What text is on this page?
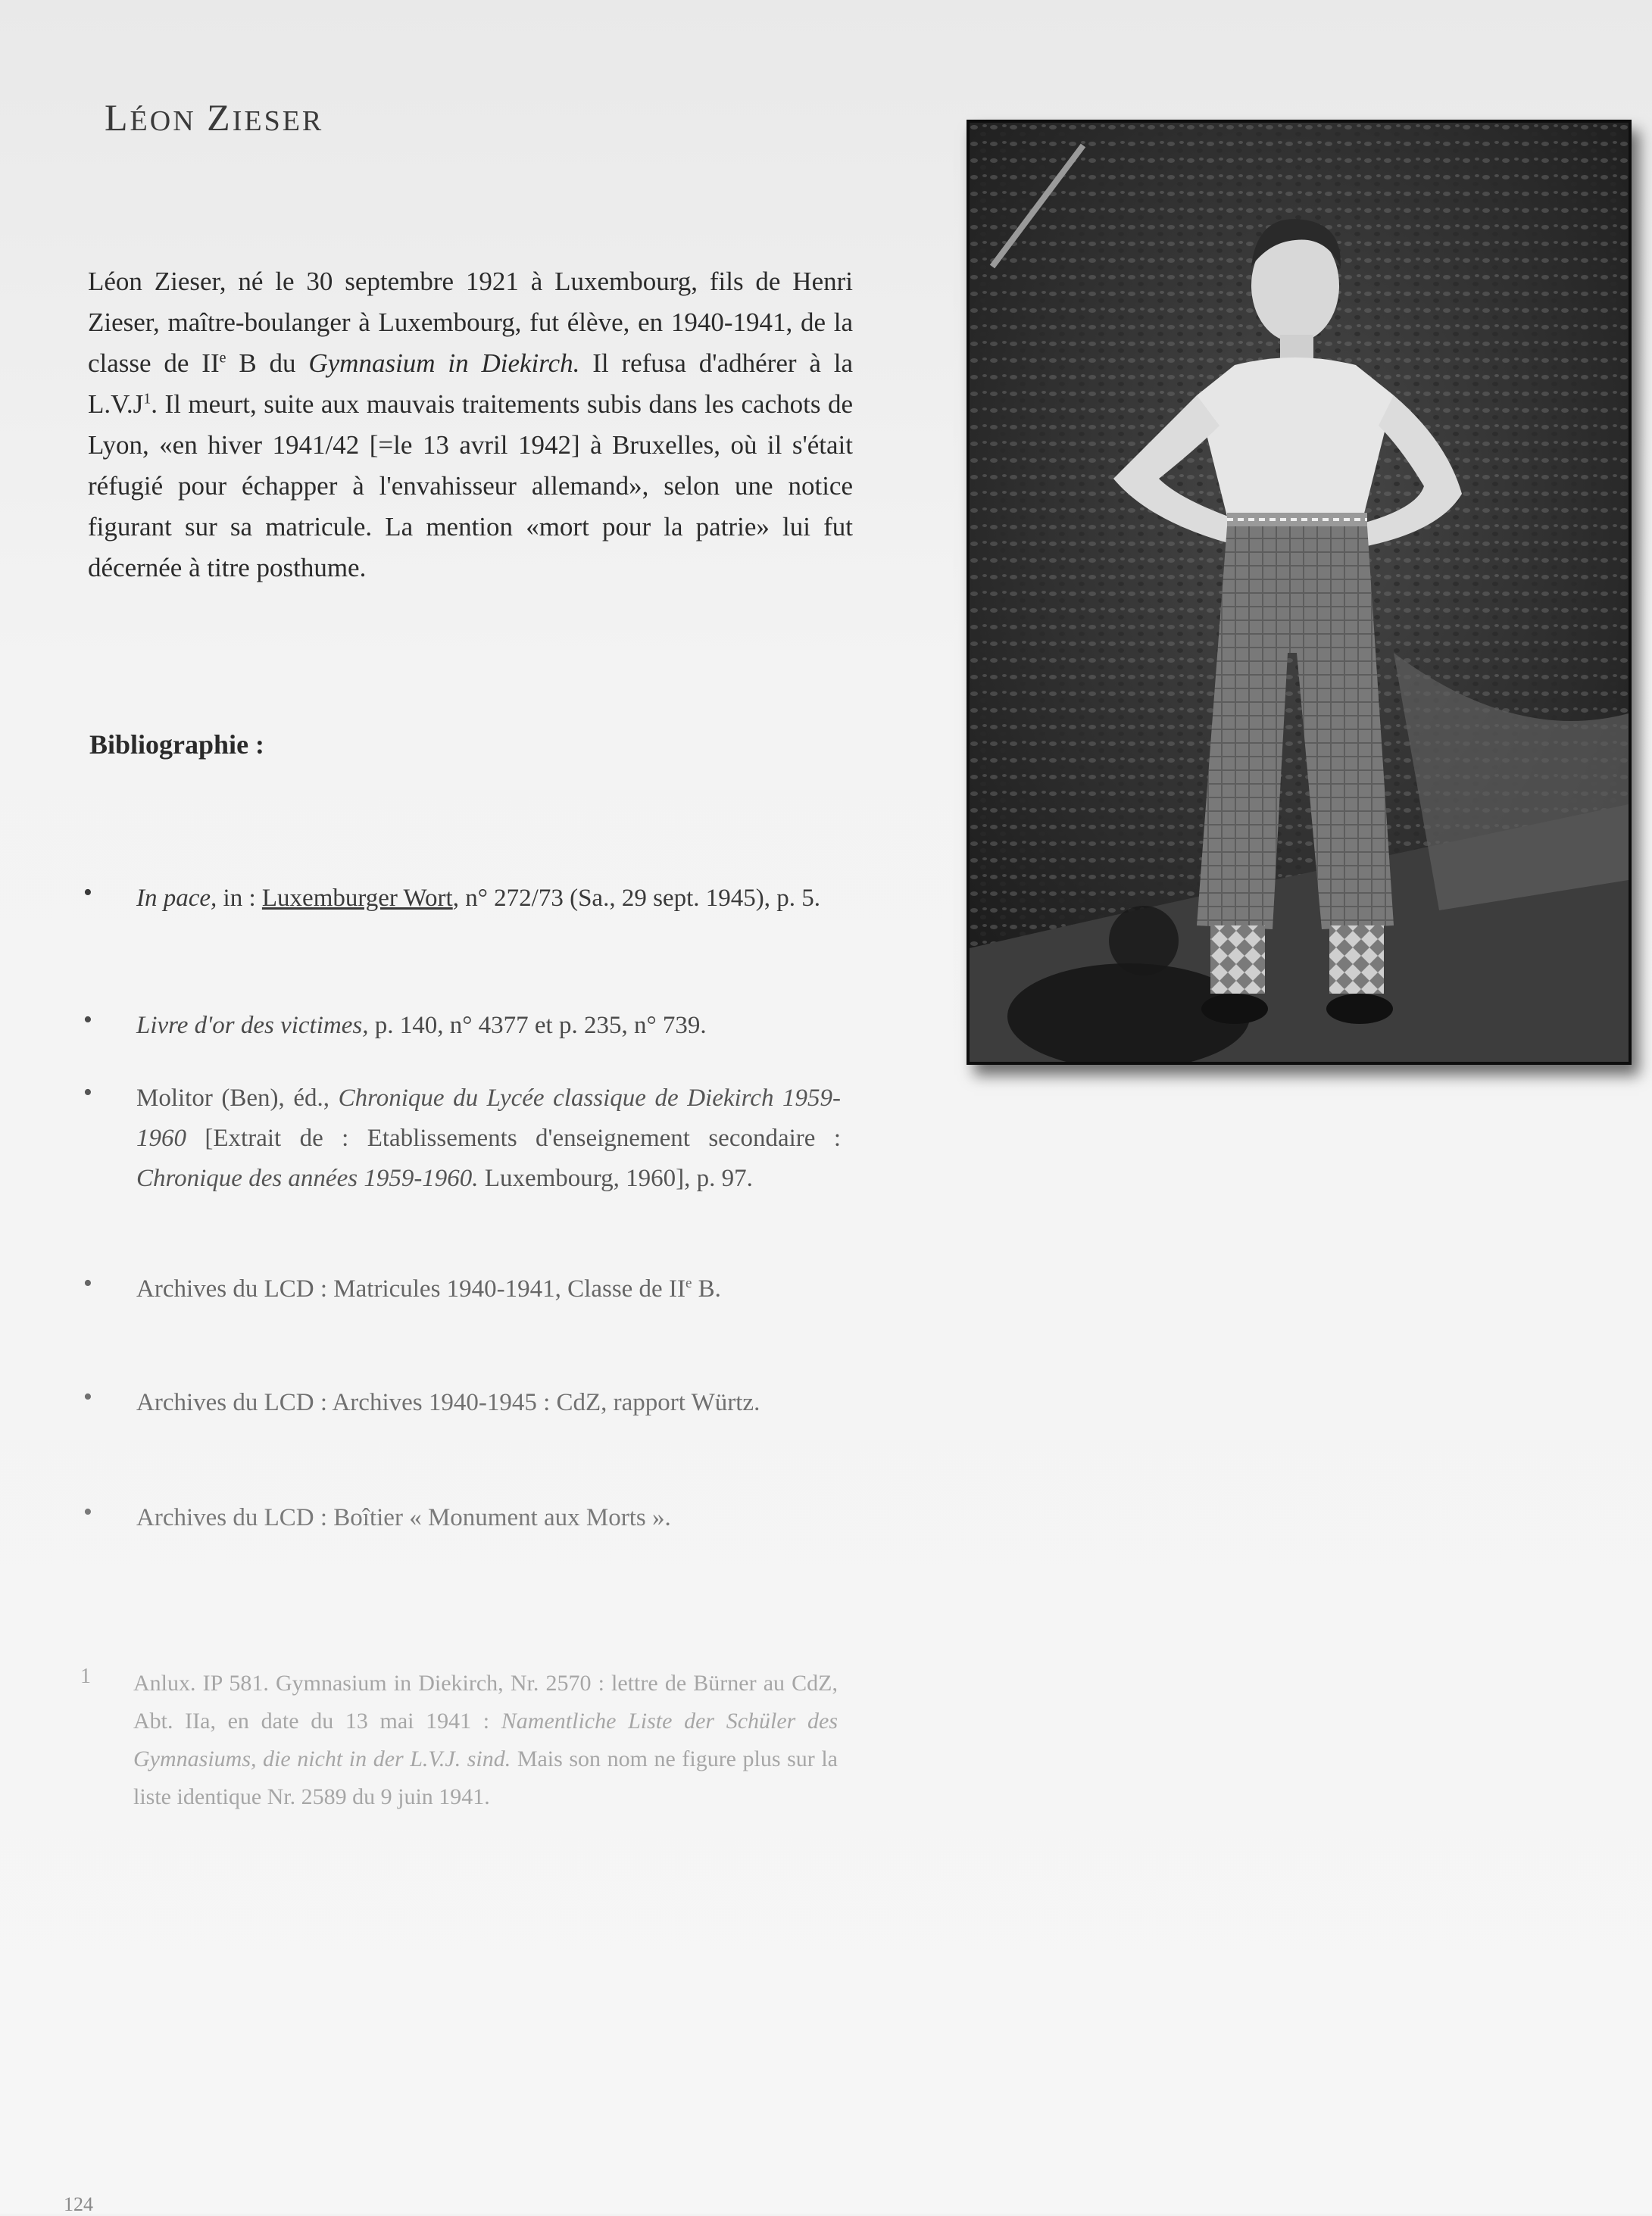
LÉON ZIESER
Léon Zieser, né le 30 septembre 1921 à Luxembourg, fils de Henri Zieser, maître-boulanger à Luxembourg, fut élève, en 1940-1941, de la classe de IIe B du Gymnasium in Diekirch. Il refusa d'adhérer à la $L.V.J^1$. Il meurt, suite aux mauvais traitements subis dans les cachots de Lyon, «en hiver 1941/42 [=le 13 avril 1942] à Bruxelles, où il s'était réfugié pour échapper à l'envahisseur allemand», selon une notice figurant sur sa matricule. La mention «mort pour la patrie» lui fut décernée à titre posthume.
Bibliographie :
• In pace, in : Luxemburger Wort, n° 272/73 (Sa., 29 sept. 1945), p. 5.
• Livre d'or des victimes, p. 140, n° 4377 et p. 235, n° 739.
• Molitor (Ben), éd., Chronique du Lycée classique de Diekirch 1959-1960 [Extrait de : Etablissements d'enseignement secondaire : Chronique des années 1959-1960. Luxembourg, 1960], p. 97.
• Archives du LCD : Matricules 1940-1941, Classe de IIe B.
• Archives du LCD : Archives 1940-1945 : CdZ, rapport Würtz.
• Archives du LCD : Boîtier « Monument aux Morts ».
1 Anlux. IP 581. Gymnasium in Diekirch, Nr. 2570 : lettre de Bürner au CdZ, Abt. IIa, en date du 13 mai 1941 : Namentliche Liste der Schüler des Gymnasiums, die nicht in der L.V.J. sind. Mais son nom ne figure plus sur la liste identique Nr. 2589 du 9 juin 1941.
124
